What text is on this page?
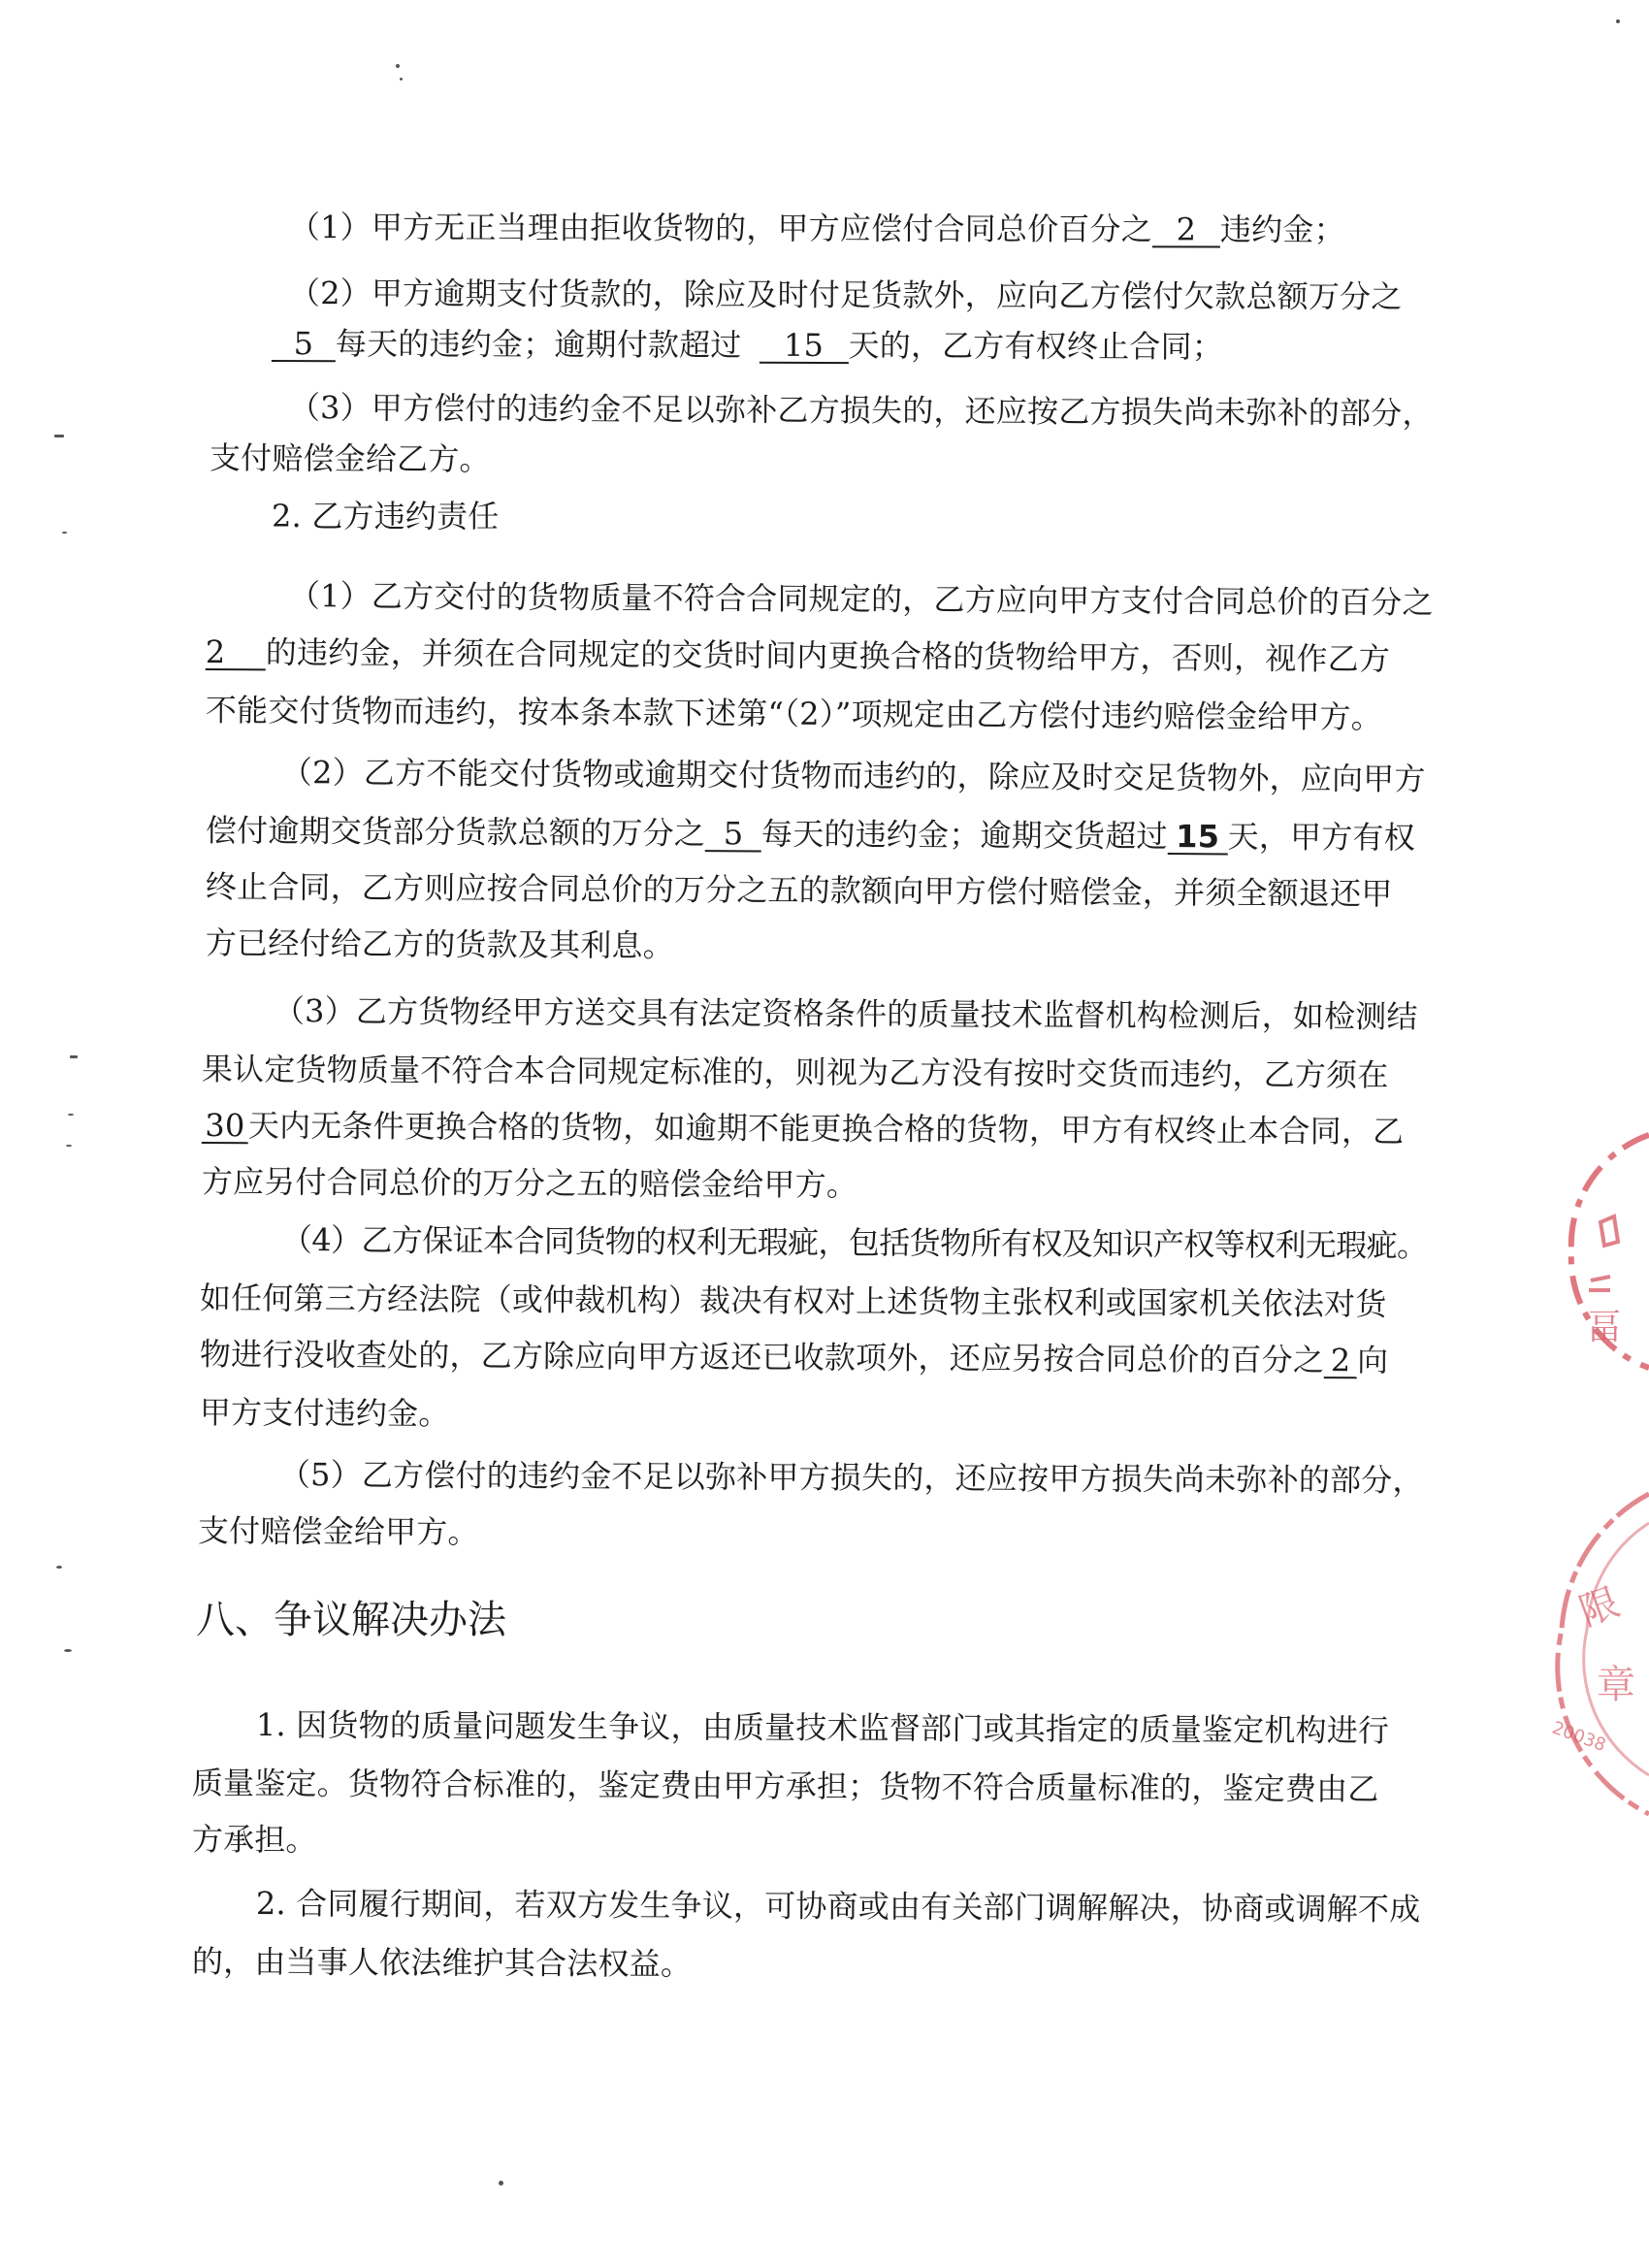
（1）甲方无正当理由拒收货物的，甲方应偿付合同总价百分之 2 违约金；
（2）甲方逾期支付货款的，除应及时付足货款外，应向乙方偿付欠款总额万分之
5 每天的违约金；逾期付款超过 15 天的，乙方有权终止合同；
（3）甲方偿付的违约金不足以弥补乙方损失的，还应按乙方损失尚未弥补的部分，
支付赔偿金给乙方。
2. 乙方违约责任
（1）乙方交付的货物质量不符合合同规定的，乙方应向甲方支付合同总价的百分之
2 的违约金，并须在合同规定的交货时间内更换合格的货物给甲方，否则，视作乙方
不能交付货物而违约，按本条本款下述第“（2）”项规定由乙方偿付违约赔偿金给甲方。
（2）乙方不能交付货物或逾期交付货物而违约的，除应及时交足货物外，应向甲方
偿付逾期交货部分货款总额的万分之 5 每天的违约金；逾期交货超过 15 天，甲方有权
终止合同，乙方则应按合同总价的万分之五的款额向甲方偿付赔偿金，并须全额退还甲
方已经付给乙方的货款及其利息。
（3）乙方货物经甲方送交具有法定资格条件的质量技术监督机构检测后，如检测结
果认定货物质量不符合本合同规定标准的，则视为乙方没有按时交货而违约，乙方须在
30 天内无条件更换合格的货物，如逾期不能更换合格的货物，甲方有权终止本合同，乙
方应另付合同总价的万分之五的赔偿金给甲方。
（4）乙方保证本合同货物的权利无瑕疵，包括货物所有权及知识产权等权利无瑕疵。
如任何第三方经法院（或仲裁机构）裁决有权对上述货物主张权利或国家机关依法对货
物进行没收查处的，乙方除应向甲方返还已收款项外，还应另按合同总价的百分之 2 向
甲方支付违约金。
（5）乙方偿付的违约金不足以弥补甲方损失的，还应按甲方损失尚未弥补的部分，
支付赔偿金给甲方。
八、争议解决办法
1. 因货物的质量问题发生争议，由质量技术监督部门或其指定的质量鉴定机构进行
质量鉴定。货物符合标准的，鉴定费由甲方承担；货物不符合质量标准的，鉴定费由乙
方承担。
2. 合同履行期间，若双方发生争议，可协商或由有关部门调解解决，协商或调解不成
的，由当事人依法维护其合法权益。
畐
限
章
20038
